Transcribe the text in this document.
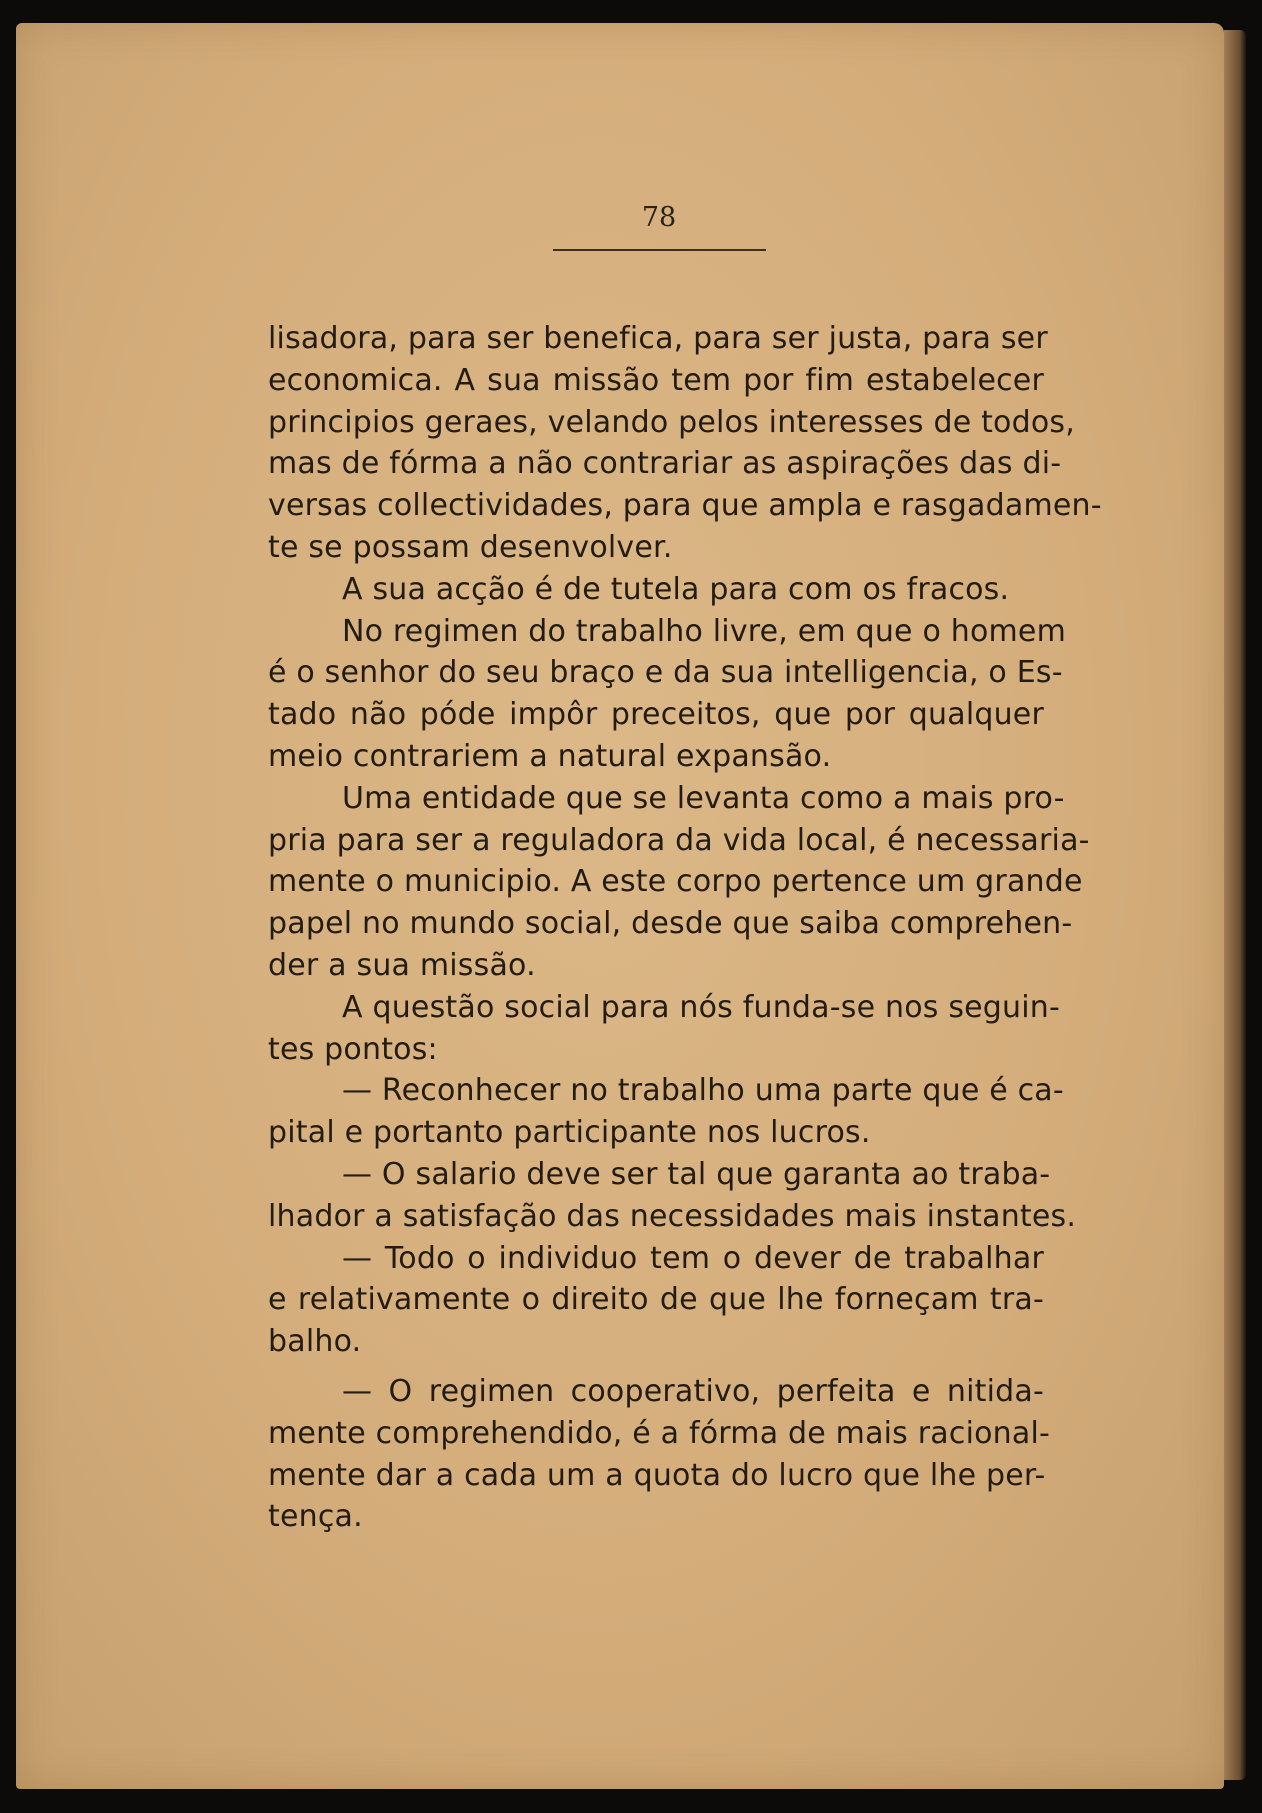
78
lisadora, para ser benefica, para ser justa, para ser
economica. A sua missão tem por fim estabelecer
principios geraes, velando pelos interesses de todos,
mas de fórma a não contrariar as aspirações das di-
versas collectividades, para que ampla e rasgadamen-
te se possam desenvolver.
A sua acção é de tutela para com os fracos.
No regimen do trabalho livre, em que o homem
é o senhor do seu braço e da sua intelligencia, o Es-
tado não póde impôr preceitos, que por qualquer
meio contrariem a natural expansão.
Uma entidade que se levanta como a mais pro-
pria para ser a reguladora da vida local, é necessaria-
mente o municipio. A este corpo pertence um grande
papel no mundo social, desde que saiba comprehen-
der a sua missão.
A questão social para nós funda-se nos seguin-
tes pontos:
— Reconhecer no trabalho uma parte que é ca-
pital e portanto participante nos lucros.
— O salario deve ser tal que garanta ao traba-
lhador a satisfação das necessidades mais instantes.
— Todo o individuo tem o dever de trabalhar
e relativamente o direito de que lhe forneçam tra-
balho.
— O regimen cooperativo, perfeita e nitida-
mente comprehendido, é a fórma de mais racional-
mente dar a cada um a quota do lucro que lhe per-
tença.
